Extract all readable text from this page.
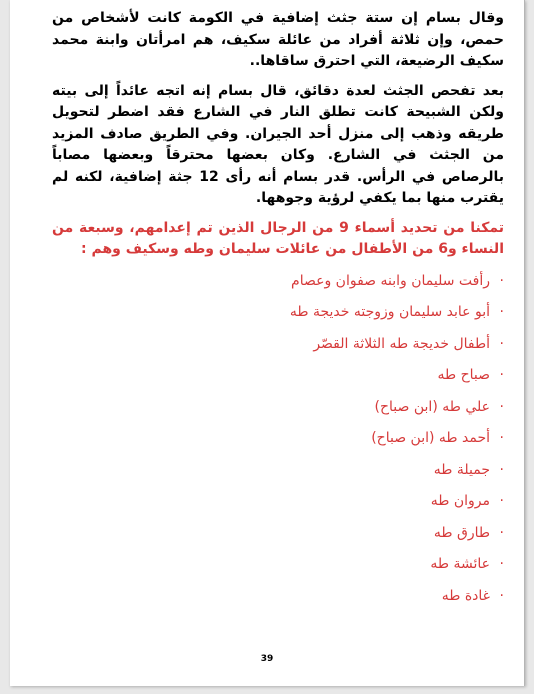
وقال بسام إن ستة جثث إضافية في الكومة كانت لأشخاص من حمص، وإن ثلاثة أفراد من عائلة سكيف، هم امرأتان وابنة محمد سكيف الرضيعة، التي احترق ساقاها..

بعد تفحص الجثث لعدة دقائق، قال بسام إنه اتجه عائداً إلى بيته ولكن الشبيحة كانت تطلق النار في الشارع فقد اضطر لتحويل طريقه وذهب إلى منزل أحد الجيران. وفي الطريق صادف المزيد من الجثث في الشارع. وكان بعضها محترقاً وبعضها مصاباً بالرصاص في الرأس. قدر بسام أنه رأى 12 جثة إضافية، لكنه لم يقترب منها بما يكفي لرؤية وجوهها.

تمكنا من تحديد أسماء 9 من الرجال الذين تم إعدامهم، وسبعة من النساء و6 من الأطفال من عائلات سليمان وطه وسكيف وهم :

·
رأفت سليمان وابنه صفوان وعصام
·
أبو عابد سليمان وزوجته خديجة طه
·
أطفال خديجة طه الثلاثة القصّر
·
صباح طه
·
علي طه (ابن صباح)
·
أحمد طه (ابن صباح)
·
جميلة طه
·
مروان طه
·
طارق طه
·
عائشة طه
·
غادة طه
39
